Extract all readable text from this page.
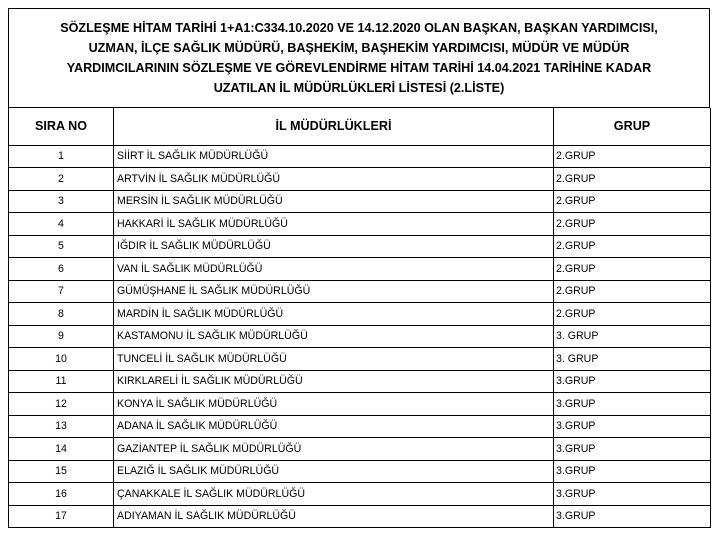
SÖZLEŞME HİTAM TARİHİ 1+A1:C334.10.2020 VE 14.12.2020 OLAN BAŞKAN, BAŞKAN YARDIMCISI,
UZMAN, İLÇE SAĞLIK MÜDÜRÜ, BAŞHEKİM, BAŞHEKİM YARDIMCISI, MÜDÜR VE MÜDÜR
YARDIMCILARININ SÖZLEŞME VE GÖREVLENDİRME HİTAM TARİHİ 14.04.2021 TARİHİNE KADAR
UZATILAN İL MÜDÜRLÜKLERİ LİSTESİ (2.LİSTE)
SIRA NO	İL MÜDÜRLÜKLERİ	GRUP
1	SİİRT İL SAĞLIK MÜDÜRLÜĞÜ	2.GRUP
2	ARTVİN İL SAĞLIK MÜDÜRLÜĞÜ	2.GRUP
3	MERSİN İL SAĞLIK MÜDÜRLÜĞÜ	2.GRUP
4	HAKKARİ İL SAĞLIK MÜDÜRLÜĞÜ	2.GRUP
5	IĞDIR İL SAĞLIK MÜDÜRLÜĞÜ	2.GRUP
6	VAN İL SAĞLIK MÜDÜRLÜĞÜ	2.GRUP
7	GÜMÜŞHANE İL SAĞLIK MÜDÜRLÜĞÜ	2.GRUP
8	MARDİN İL SAĞLIK MÜDÜRLÜĞÜ	2.GRUP
9	KASTAMONU İL SAĞLIK MÜDÜRLÜĞÜ	3. GRUP
10	TUNCELİ İL SAĞLIK MÜDÜRLÜĞÜ	3. GRUP
11	KIRKLARELİ İL SAĞLIK MÜDÜRLÜĞÜ	3.GRUP
12	KONYA İL SAĞLIK MÜDÜRLÜĞÜ	3.GRUP
13	ADANA İL SAĞLIK MÜDÜRLÜĞÜ	3.GRUP
14	GAZİANTEP İL SAĞLIK MÜDÜRLÜĞÜ	3.GRUP
15	ELAZIĞ İL SAĞLIK MÜDÜRLÜĞÜ	3.GRUP
16	ÇANAKKALE İL SAĞLIK MÜDÜRLÜĞÜ	3.GRUP
17	ADIYAMAN İL SAĞLIK MÜDÜRLÜĞÜ	3.GRUP
